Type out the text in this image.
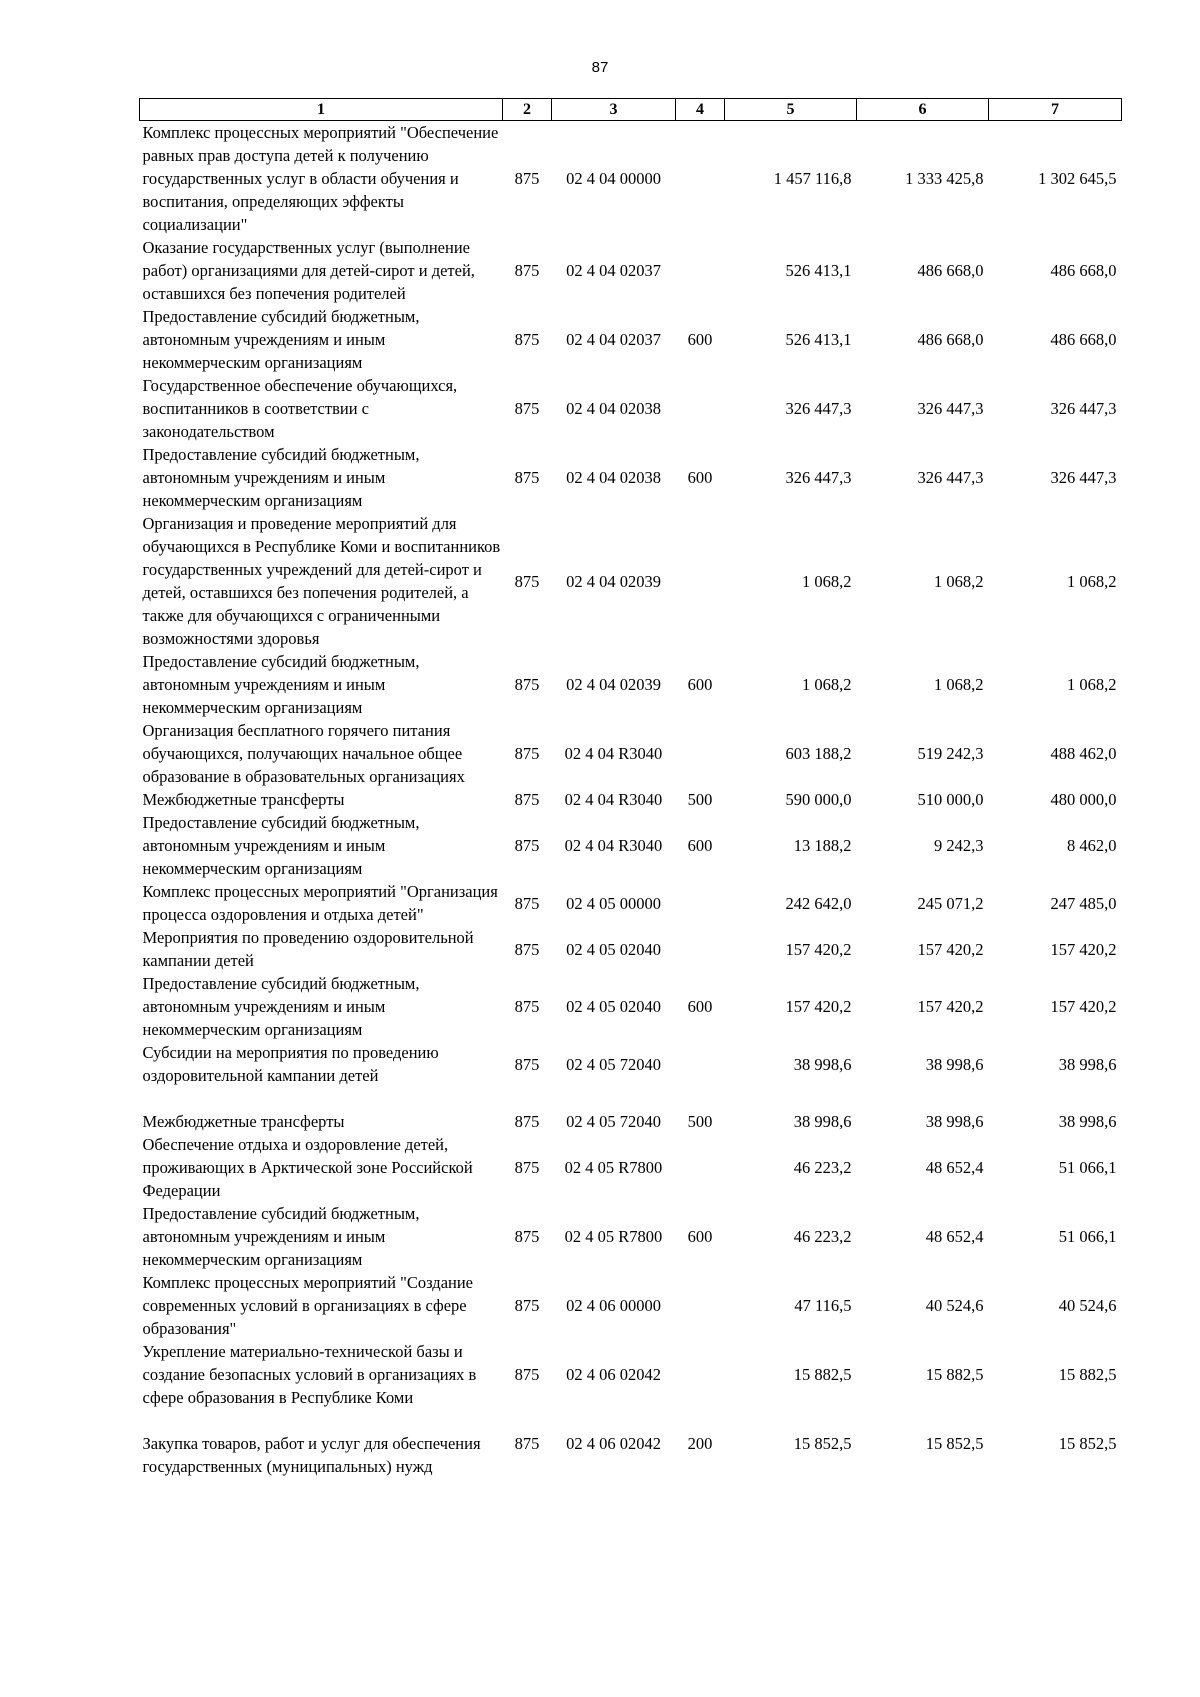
87
1	2	3	4	5	6	7
Комплекс процессных мероприятий "Обеспечение равных прав доступа детей к получению государственных услуг в области обучения и воспитания, определяющих эффекты социализации"	875	02 4 04 00000		1 457 116,8	1 333 425,8	1 302 645,5
Оказание государственных услуг (выполнение работ) организациями для детей-сирот и детей, оставшихся без попечения родителей	875	02 4 04 02037		526 413,1	486 668,0	486 668,0
Предоставление субсидий бюджетным, автономным учреждениям и иным некоммерческим организациям	875	02 4 04 02037	600	526 413,1	486 668,0	486 668,0
Государственное обеспечение обучающихся, воспитанников в соответствии с законодательством	875	02 4 04 02038		326 447,3	326 447,3	326 447,3
Предоставление субсидий бюджетным, автономным учреждениям и иным некоммерческим организациям	875	02 4 04 02038	600	326 447,3	326 447,3	326 447,3
Организация и проведение мероприятий для обучающихся в Республике Коми и воспитанников государственных учреждений для детей-сирот и детей, оставшихся без попечения родителей, а также для обучающихся с ограниченными возможностями здоровья	875	02 4 04 02039		1 068,2	1 068,2	1 068,2
Предоставление субсидий бюджетным, автономным учреждениям и иным некоммерческим организациям	875	02 4 04 02039	600	1 068,2	1 068,2	1 068,2
Организация бесплатного горячего питания обучающихся, получающих начальное общее образование в образовательных организациях	875	02 4 04 R3040		603 188,2	519 242,3	488 462,0
Межбюджетные трансферты	875	02 4 04 R3040	500	590 000,0	510 000,0	480 000,0
Предоставление субсидий бюджетным, автономным учреждениям и иным некоммерческим организациям	875	02 4 04 R3040	600	13 188,2	9 242,3	8 462,0
Комплекс процессных мероприятий "Организация процесса оздоровления и отдыха детей"	875	02 4 05 00000		242 642,0	245 071,2	247 485,0
Мероприятия по проведению оздоровительной кампании детей	875	02 4 05 02040		157 420,2	157 420,2	157 420,2
Предоставление субсидий бюджетным, автономным учреждениям и иным некоммерческим организациям	875	02 4 05 02040	600	157 420,2	157 420,2	157 420,2
Субсидии на мероприятия по проведению оздоровительной кампании детей	875	02 4 05 72040		38 998,6	38 998,6	38 998,6
Межбюджетные трансферты	875	02 4 05 72040	500	38 998,6	38 998,6	38 998,6
Обеспечение отдыха и оздоровление детей, проживающих в Арктической зоне Российской Федерации	875	02 4 05 R7800		46 223,2	48 652,4	51 066,1
Предоставление субсидий бюджетным, автономным учреждениям и иным некоммерческим организациям	875	02 4 05 R7800	600	46 223,2	48 652,4	51 066,1
Комплекс процессных мероприятий "Создание современных условий в организациях в сфере образования"	875	02 4 06 00000		47 116,5	40 524,6	40 524,6
Укрепление материально-технической базы и создание безопасных условий в организациях в сфере образования в Республике Коми	875	02 4 06 02042		15 882,5	15 882,5	15 882,5
Закупка товаров, работ и услуг для обеспечения государственных (муниципальных) нужд	875	02 4 06 02042	200	15 852,5	15 852,5	15 852,5
